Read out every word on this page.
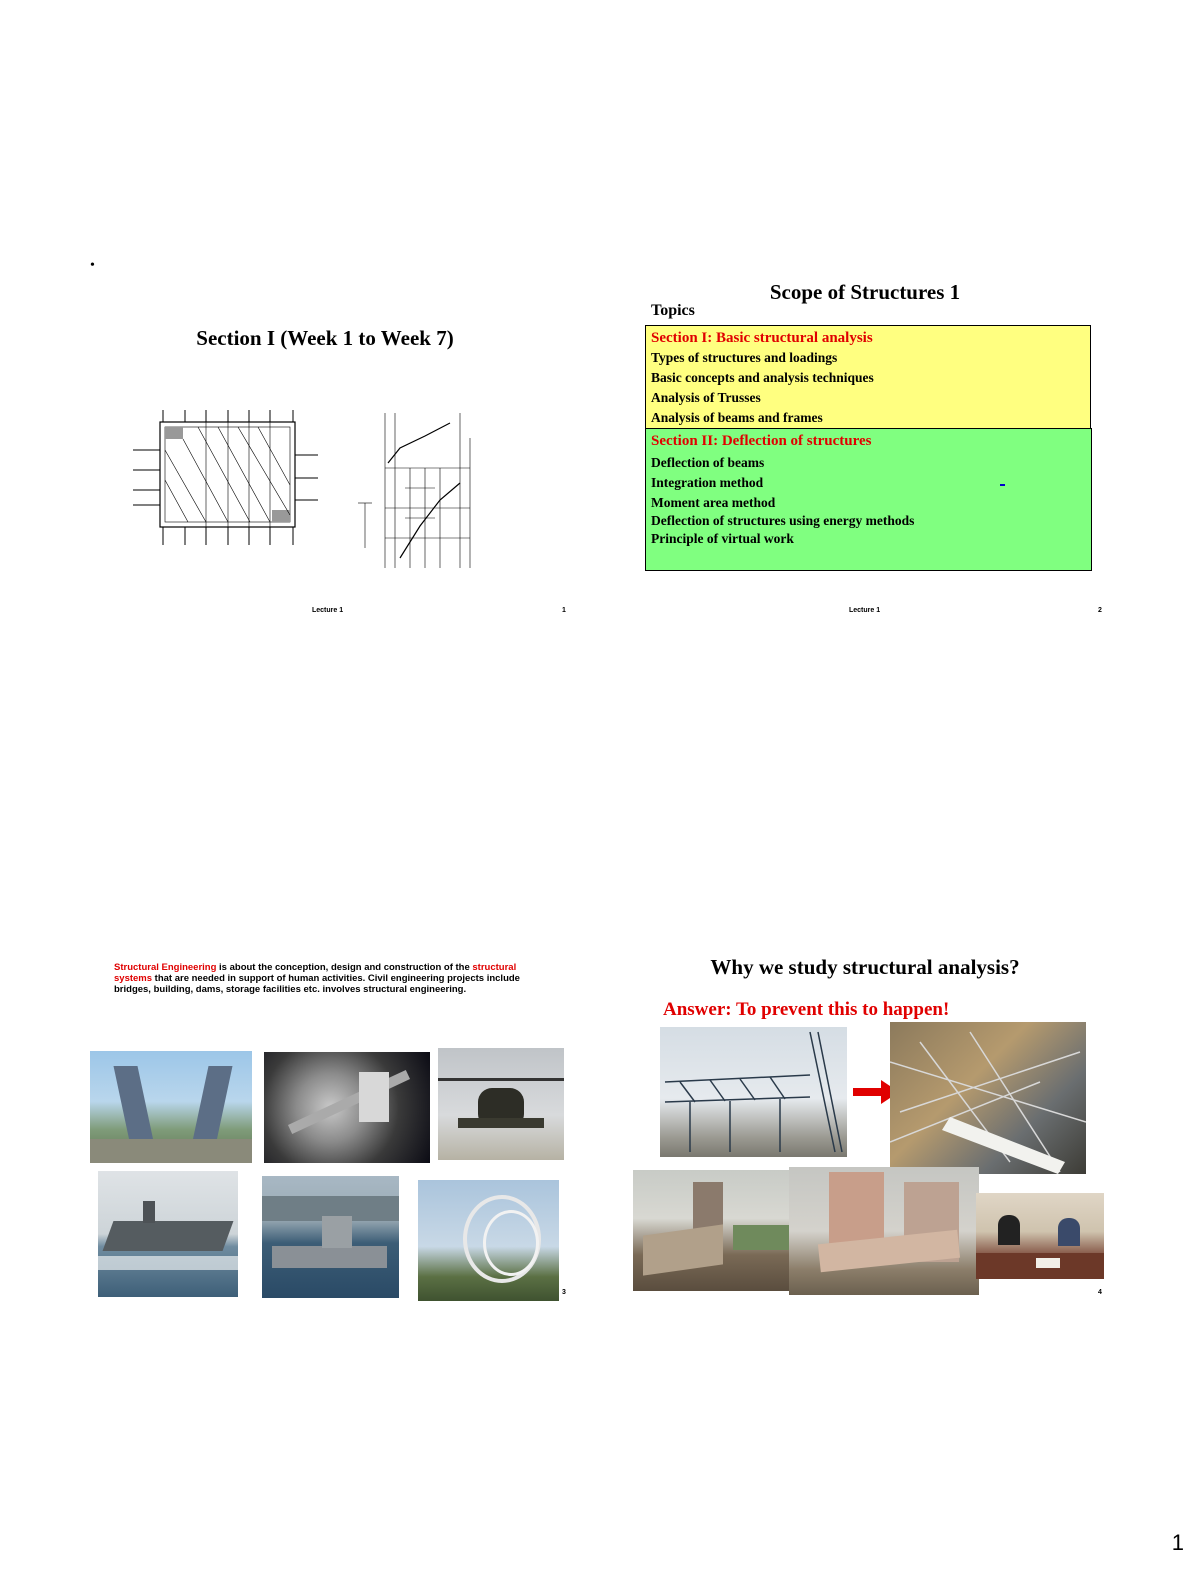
•
Section I (Week 1 to Week 7)
Lecture 1	1
Scope of Structures 1
Topics
Section I: Basic structural analysis
Types of structures and loadings
Basic concepts and analysis techniques
Analysis of Trusses
Analysis of beams and frames
Section II: Deflection of structures
Deflection of beams
Integration method
Moment area method
Deflection of structures using energy methods
Principle of virtual work
Lecture 1	2
Structural Engineering is about the conception, design and construction of the structural systems that are needed in support of human activities. Civil engineering projects include bridges, building, dams, storage facilities etc. involves structural engineering.
3
Why we study structural analysis?
Answer: To prevent this to happen!
4
1
